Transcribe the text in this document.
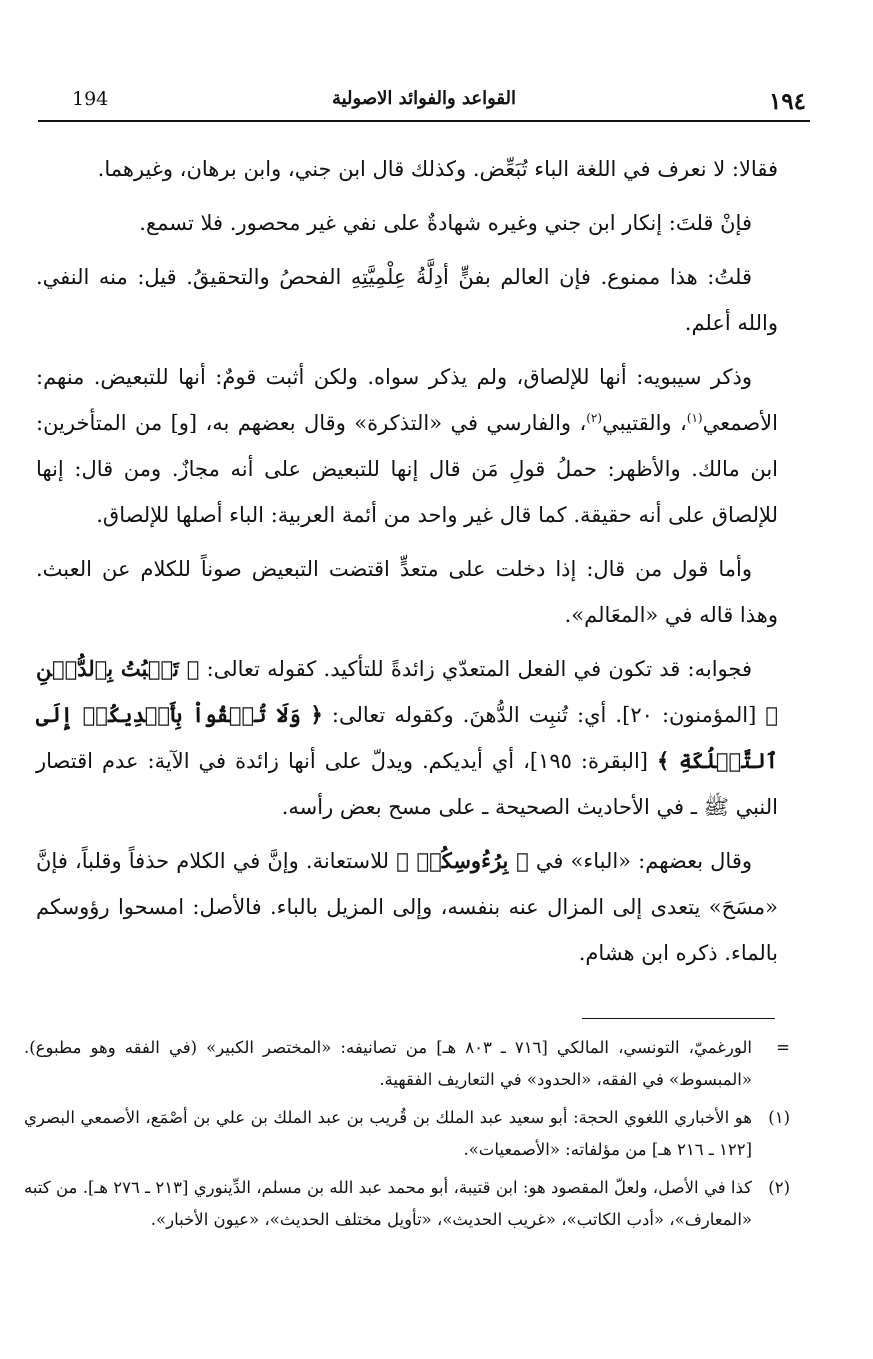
194	القواعد والفوائد الاصولية	١٩٤

فقالا: لا نعرف في اللغة الباء تُبَعِّض. وكذلك قال ابن جني، وابن برهان، وغيرهما.

فإنْ قلتَ: إنكار ابن جني وغيره شهادةٌ على نفي غير محصور. فلا تسمع.

قلتُ: هذا ممنوع. فإن العالم بفنٍّ أدِلَّةُ عِلْمِيَّتِهِ الفحصُ والتحقيقُ. قيل: منه النفي. والله أعلم.

وذكر سيبويه: أنها للإلصاق، ولم يذكر سواه. ولكن أثبت قومٌ: أنها للتبعيض. منهم: الأصمعي$^{(١)}$، والقتيبي$^{(٢)}$، والفارسي في «التذكرة» وقال بعضهم به، [و] من المتأخرين: ابن مالك. والأظهر: حملُ قولِ مَن قال إنها للتبعيض على أنه مجازٌ. ومن قال: إنها للإلصاق على أنه حقيقة. كما قال غير واحد من أئمة العربية: الباء أصلها للإلصاق.

وأما قول من قال: إذا دخلت على متعدٍّ اقتضت التبعيض صوناً للكلام عن العبث. وهذا قاله في «المعَالم».

فجوابه: قد تكون في الفعل المتعدّي زائدةً للتأكيد. كقوله تعالى: ﴿ تَنۢبُتُ بِٱلدُّهۡنِ ﴾ [المؤمنون: ٢٠]. أي: تُنبِت الدُّهنَ. وكقوله تعالى: ﴿ وَلَا تُلۡقُواْ بِأَيۡدِيكُمۡ إِلَى ٱلتَّهۡلُكَةِ ﴾ [البقرة: ١٩٥]، أي أيديكم. ويدلّ على أنها زائدة في الآية: عدم اقتصار النبي ﷺ ـ في الأحاديث الصحيحة ـ على مسح بعض رأسه.

وقال بعضهم: «الباء» في ﴿ بِرُءُوسِكُمۡ ﴾ للاستعانة. وإنَّ في الكلام حذفاً وقلباً، فإنَّ «مسَحَ» يتعدى إلى المزال عنه بنفسه، وإلى المزيل بالباء. فالأصل: امسحوا رؤوسكم بالماء. ذكره ابن هشام.

=
الورغميّ، التونسي، المالكي [٧١٦ ـ ٨٠٣ هـ] من تصانيفه: «المختصر الكبير» (في الفقه وهو مطبوع). «المبسوط» في الفقه، «الحدود» في التعاريف الفقهية.
(١)
هو الأخباري اللغوي الحجة: أبو سعيد عبد الملك بن قُريب بن عبد الملك بن علي بن أصْمَع، الأصمعي البصري [١٢٢ ـ ٢١٦ هـ] من مؤلفاته: «الأصمعيات».
(٢)
كذا في الأصل، ولعلّ المقصود هو: ابن قتيبة، أبو محمد عبد الله بن مسلم، الدِّينوري [٢١٣ ـ ٢٧٦ هـ]. من كتبه «المعارف»، «أدب الكاتب»، «غريب الحديث»، «تأويل مختلف الحديث»، «عيون الأخبار».
